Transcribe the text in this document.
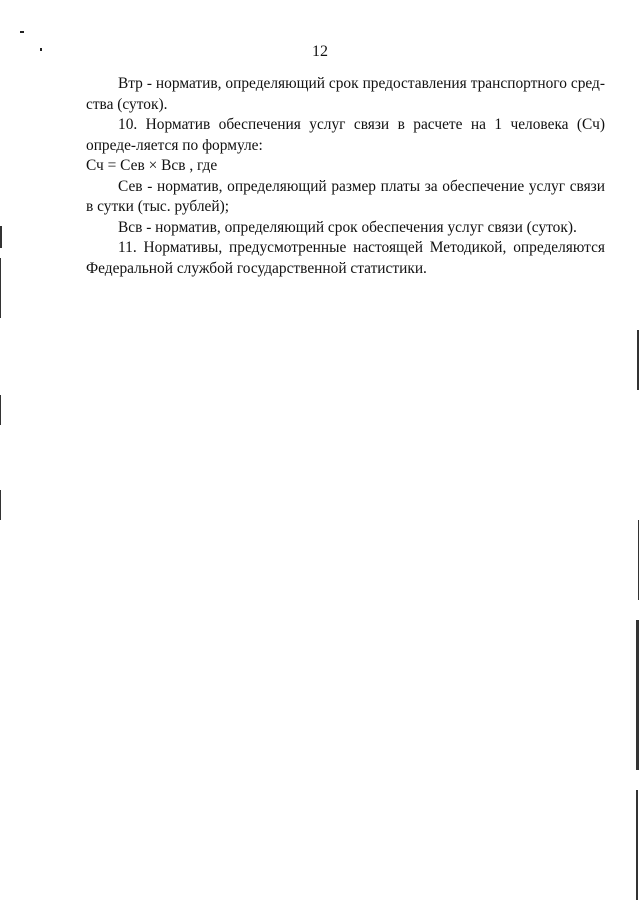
12

Втр - норматив, определяющий срок предоставления транспортного сред-ства (суток).

10. Норматив обеспечения услуг связи в расчете на 1 человека (Сч) опреде-ляется по формуле:

Сч = Сев × Всв , где

Сев - норматив, определяющий размер платы за обеспечение услуг связи в сутки (тыс. рублей);

Всв - норматив, определяющий срок обеспечения услуг связи (суток).

11. Нормативы, предусмотренные настоящей Методикой, определяются Федеральной службой государственной статистики.
